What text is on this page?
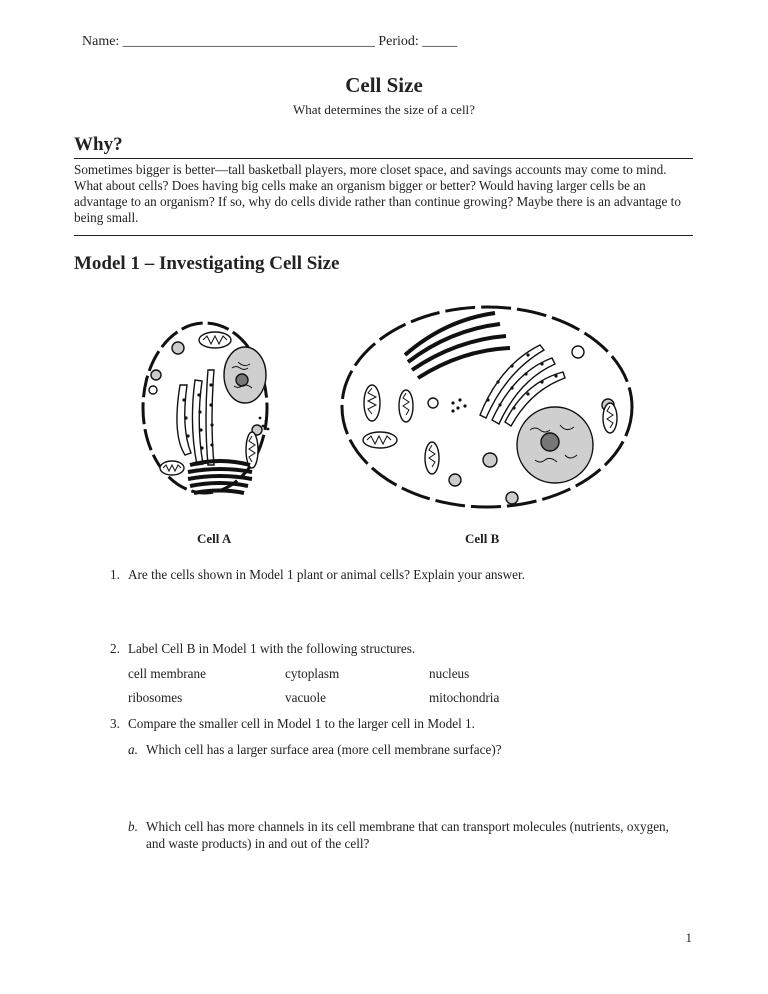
Name: ____________________________________ Period: _____
Cell Size
What determines the size of a cell?
Why?
Sometimes bigger is better—tall basketball players, more closet space, and savings accounts may come to mind. What about cells? Does having big cells make an organism bigger or better? Would having larger cells be an advantage to an organism? If so, why do cells divide rather than continue growing? Maybe there is an advantage to being small.
Model 1 – Investigating Cell Size
Cell A	Cell B
1. Are the cells shown in Model 1 plant or animal cells? Explain your answer.
2. Label Cell B in Model 1 with the following structures.
cell membrane	cytoplasm	nucleus
ribosomes	vacuole	mitochondria
3. Compare the smaller cell in Model 1 to the larger cell in Model 1.
a. Which cell has a larger surface area (more cell membrane surface)?
b. Which cell has more channels in its cell membrane that can transport molecules (nutrients, oxygen, and waste products) in and out of the cell?
1
